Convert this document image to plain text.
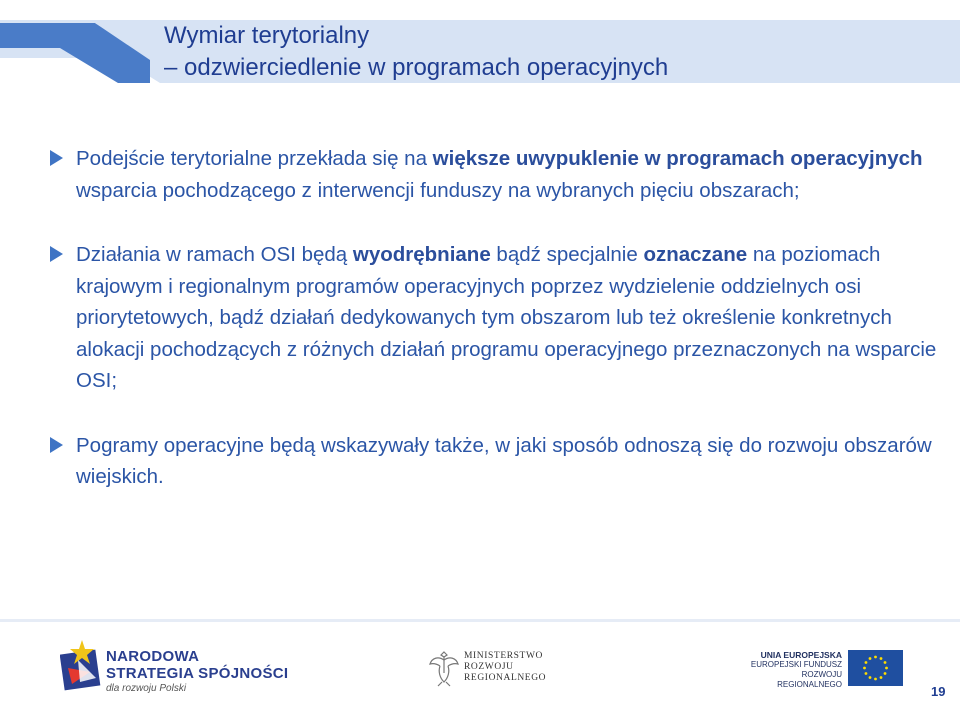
Wymiar terytorialny
– odzwierciedlenie w programach operacyjnych
Podejście terytorialne przekłada się na większe uwypuklenie w programach operacyjnych wsparcia pochodzącego z interwencji funduszy na wybranych pięciu obszarach;
Działania w ramach OSI będą wyodrębniane bądź specjalnie oznaczane na poziomach krajowym i regionalnym programów operacyjnych poprzez wydzielenie oddzielnych osi priorytetowych, bądź działań dedykowanych tym obszarom lub też określenie konkretnych alokacji pochodzących z różnych działań programu operacyjnego przeznaczonych na wsparcie OSI;
Pogramy operacyjne będą wskazywały także, w jaki sposób odnoszą się do rozwoju obszarów wiejskich.
NARODOWA
STRATEGIA SPÓJNOŚCI
dla rozwoju Polski
MINISTERSTWO
ROZWOJU
REGIONALNEGO
UNIA EUROPEJSKA
EUROPEJSKI FUNDUSZ
ROZWOJU REGIONALNEGO	19
